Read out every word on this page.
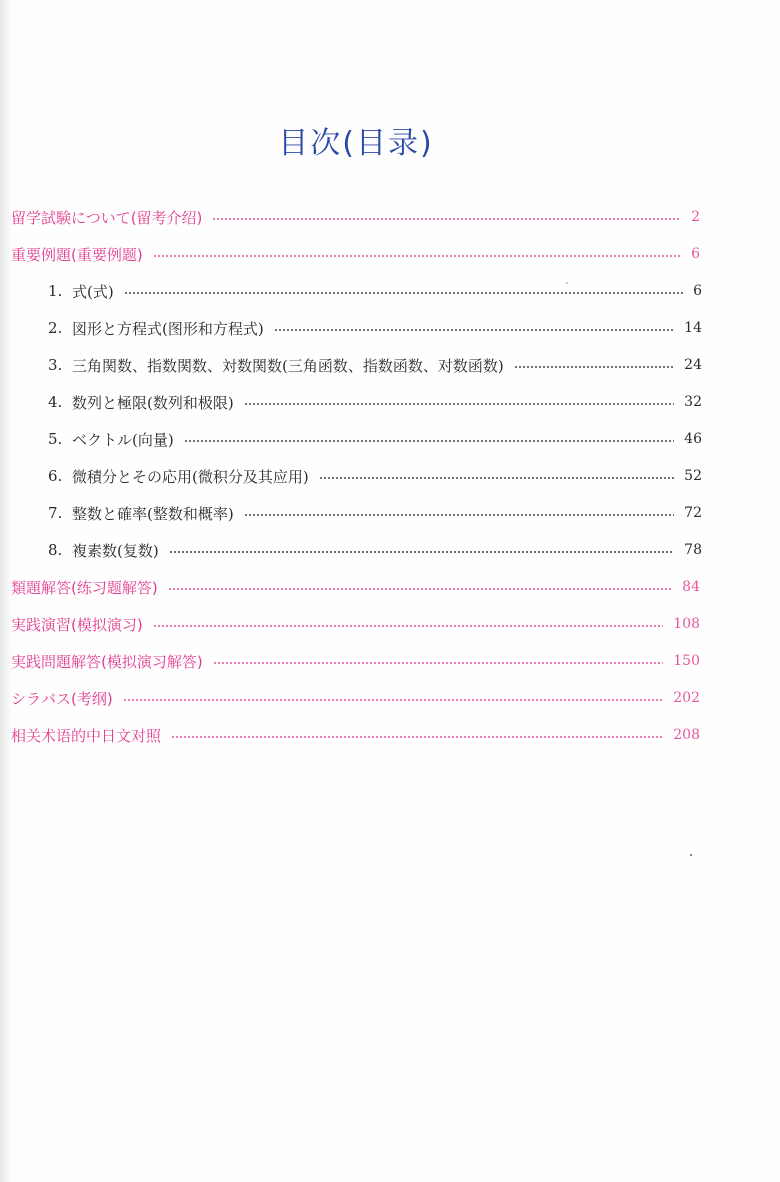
目次(目录)
留学試験について(留考介绍)	2
重要例題(重要例题)	6
1. 式(式)	6
2. 図形と方程式(图形和方程式)	14
3. 三角関数、指数関数、対数関数(三角函数、指数函数、对数函数)	24
4. 数列と極限(数列和极限)	32
5. ベクトル(向量)	46
6. 微積分とその応用(微积分及其应用)	52
7. 整数と確率(整数和概率)	72
8. 複素数(复数)	78
類題解答(练习题解答)	84
実践演習(模拟演习)	108
実践問題解答(模拟演习解答)	150
シラバス(考纲)	202
相关术语的中日文对照	208
